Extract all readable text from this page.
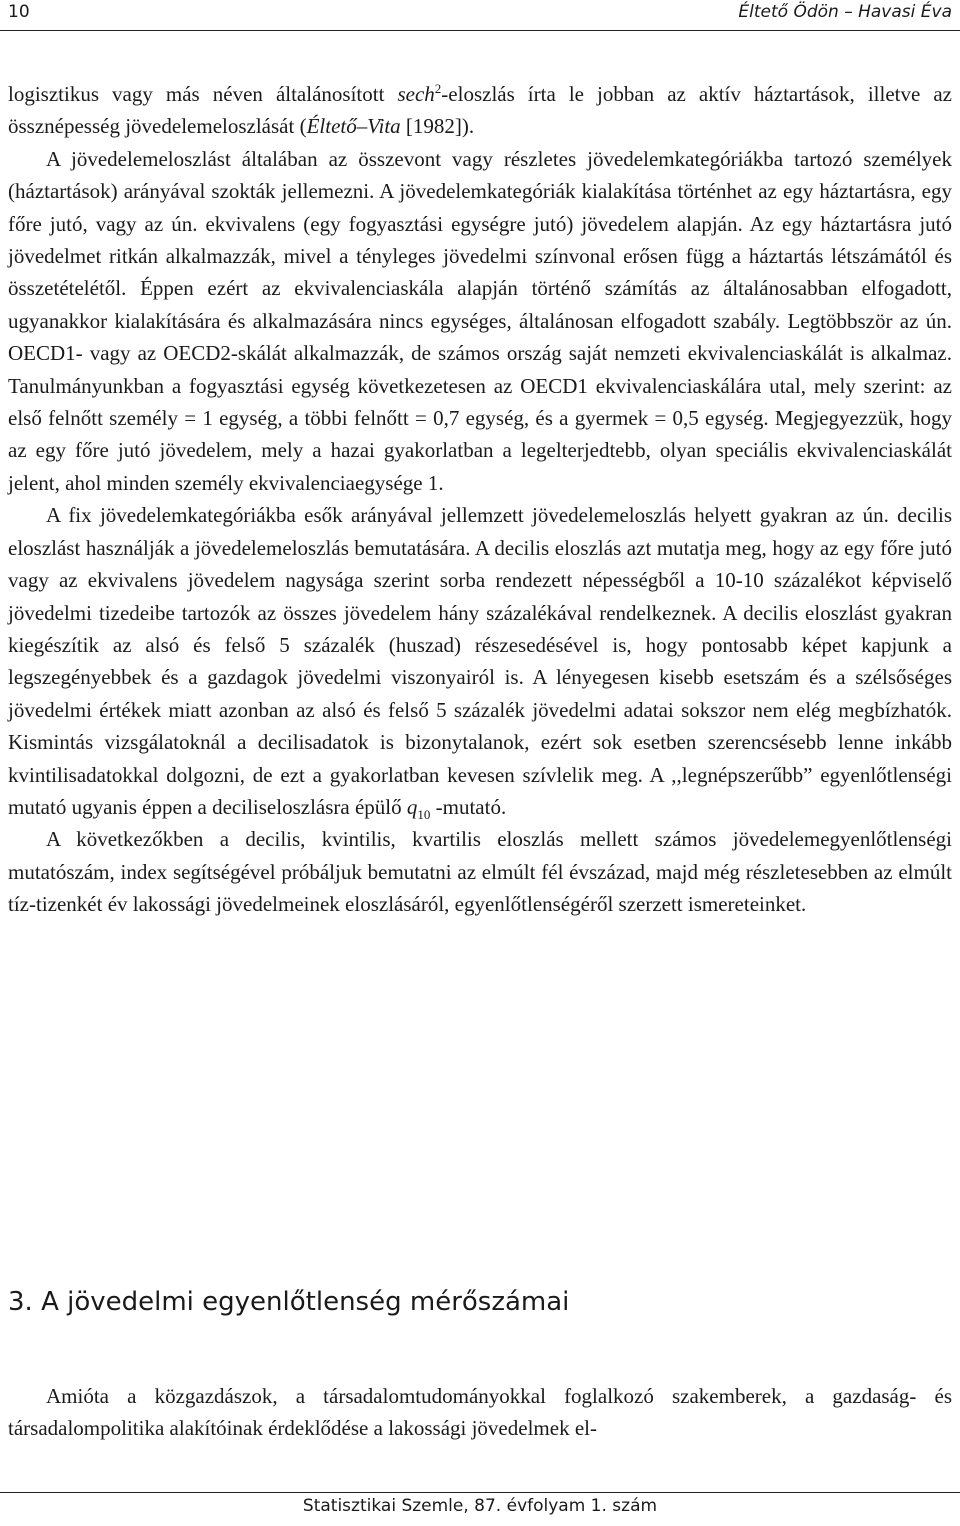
10	Éltető Ödön – Havasi Éva

logisztikus vagy más néven általánosított sech$^2$-eloszlás írta le jobban az aktív háztartások, illetve az össznépesség jövedelemeloszlását (Éltető–Vita [1982]).

A jövedelemeloszlást általában az összevont vagy részletes jövedelemkategóriákba tartozó személyek (háztartások) arányával szokták jellemezni. A jövedelemkategóriák kialakítása történhet az egy háztartásra, egy főre jutó, vagy az ún. ekvivalens (egy fogyasztási egységre jutó) jövedelem alapján. Az egy háztartásra jutó jövedelmet ritkán alkalmazzák, mivel a tényleges jövedelmi színvonal erősen függ a háztartás létszámától és összetételétől. Éppen ezért az ekvivalenciaskála alapján történő számítás az általánosabban elfogadott, ugyanakkor kialakítására és alkalmazására nincs egységes, általánosan elfogadott szabály. Legtöbbször az ún. OECD1- vagy az OECD2-skálát alkalmazzák, de számos ország saját nemzeti ekvivalenciaskálát is alkalmaz. Tanulmányunkban a fogyasztási egység következetesen az OECD1 ekvivalenciaskálára utal, mely szerint: az első felnőtt személy = 1 egység, a többi felnőtt = 0,7 egység, és a gyermek = 0,5 egység. Megjegyezzük, hogy az egy főre jutó jövedelem, mely a hazai gyakorlatban a legelterjedtebb, olyan speciális ekvivalenciaskálát jelent, ahol minden személy ekvivalenciaegysége 1.

A fix jövedelemkategóriákba esők arányával jellemzett jövedelemeloszlás helyett gyakran az ún. decilis eloszlást használják a jövedelemeloszlás bemutatására. A decilis eloszlás azt mutatja meg, hogy az egy főre jutó vagy az ekvivalens jövedelem nagysága szerint sorba rendezett népességből a 10-10 százalékot képviselő jövedelmi tizedeibe tartozók az összes jövedelem hány százalékával rendelkeznek. A decilis eloszlást gyakran kiegészítik az alsó és felső 5 százalék (huszad) részesedésével is, hogy pontosabb képet kapjunk a legszegényebbek és a gazdagok jövedelmi viszonyairól is. A lényegesen kisebb esetszám és a szélsőséges jövedelmi értékek miatt azonban az alsó és felső 5 százalék jövedelmi adatai sokszor nem elég megbízhatók. Kismintás vizsgálatoknál a decilisadatok is bizonytalanok, ezért sok esetben szerencsésebb lenne inkább kvintilisadatokkal dolgozni, de ezt a gyakorlatban kevesen szívlelik meg. A ,,legnépszerűbb” egyenlőtlenségi mutató ugyanis éppen a deciliseloszlásra épülő $q_{10}$ -mutató.

A következőkben a decilis, kvintilis, kvartilis eloszlás mellett számos jövedelemegyenlőtlenségi mutatószám, index segítségével próbáljuk bemutatni az elmúlt fél évszázad, majd még részletesebben az elmúlt tíz-tizenkét év lakossági jövedelmeinek eloszlásáról, egyenlőtlenségéről szerzett ismereteinket.

3. A jövedelmi egyenlőtlenség mérőszámai

Amióta a közgazdászok, a társadalomtudományokkal foglalkozó szakemberek, a gazdaság- és társadalompolitika alakítóinak érdeklődése a lakossági jövedelmek el-

Statisztikai Szemle, 87. évfolyam 1. szám
